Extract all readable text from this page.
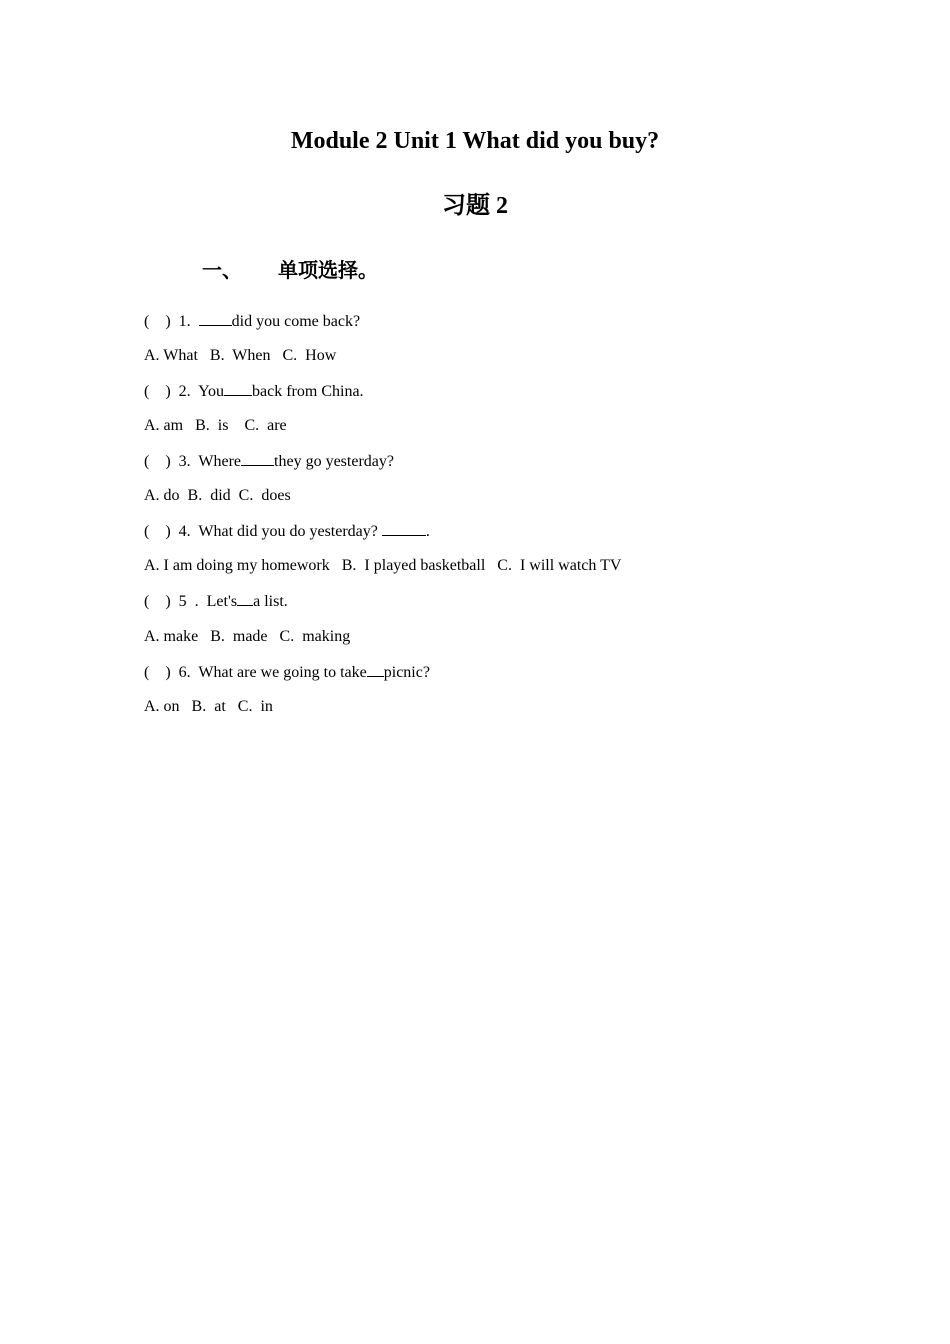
Module 2 Unit 1 What did you buy?
习题 2
一、 单项选择。
(    )  1.  did you come back?
A. What   B.  When   C.  How
(    )  2.  You back from China.
A. am   B.  is    C.  are
(    )  3.  Where they go yesterday?
A. do  B.  did  C.  does
(    )  4.  What did you do yesterday?	.
A. I am doing my homework   B.  I played basketball   C.  I will watch TV
(    )  5  .  Let's a list.
A. make   B.  made   C.  making
(    )  6.  What are we going to take picnic?
A. on   B.  at   C.  in
